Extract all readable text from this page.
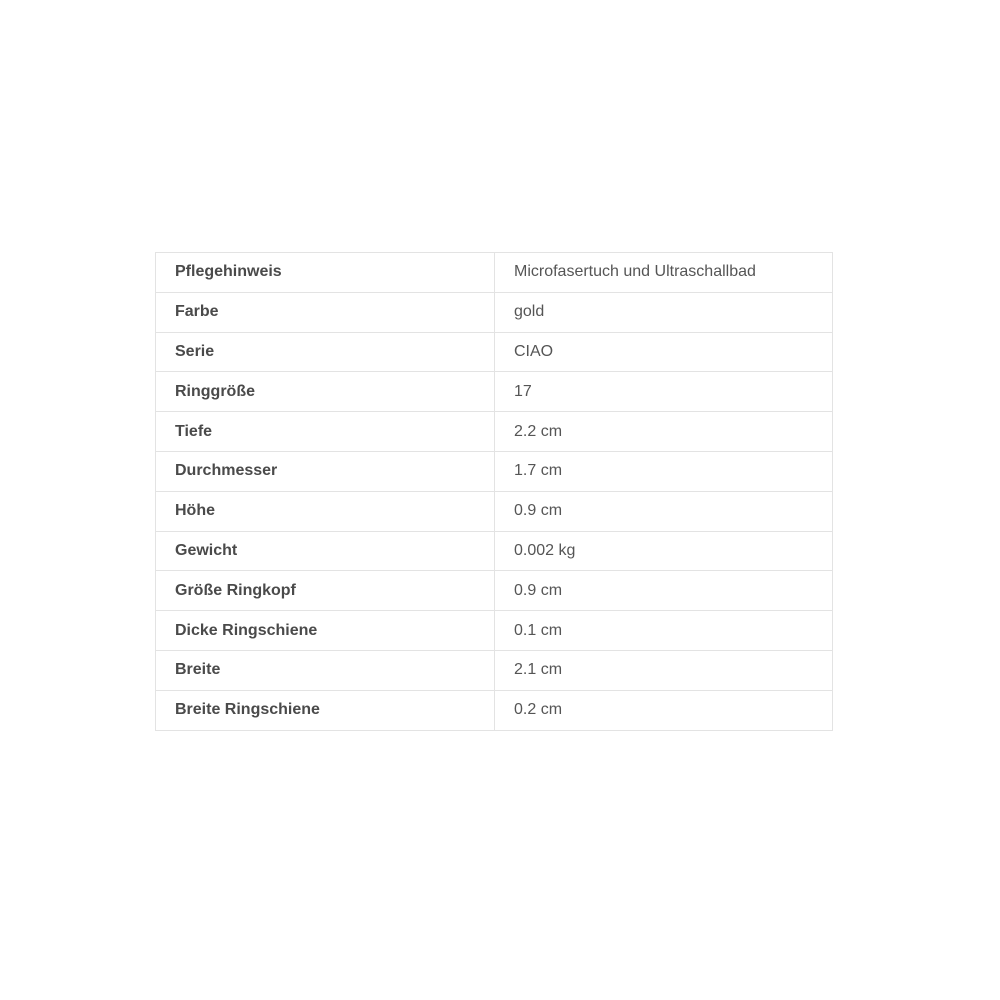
Pflegehinweis	Microfasertuch und Ultraschallbad
Farbe	gold
Serie	CIAO
Ringgröße	17
Tiefe	2.2 cm
Durchmesser	1.7 cm
Höhe	0.9 cm
Gewicht	0.002 kg
Größe Ringkopf	0.9 cm
Dicke Ringschiene	0.1 cm
Breite	2.1 cm
Breite Ringschiene	0.2 cm
